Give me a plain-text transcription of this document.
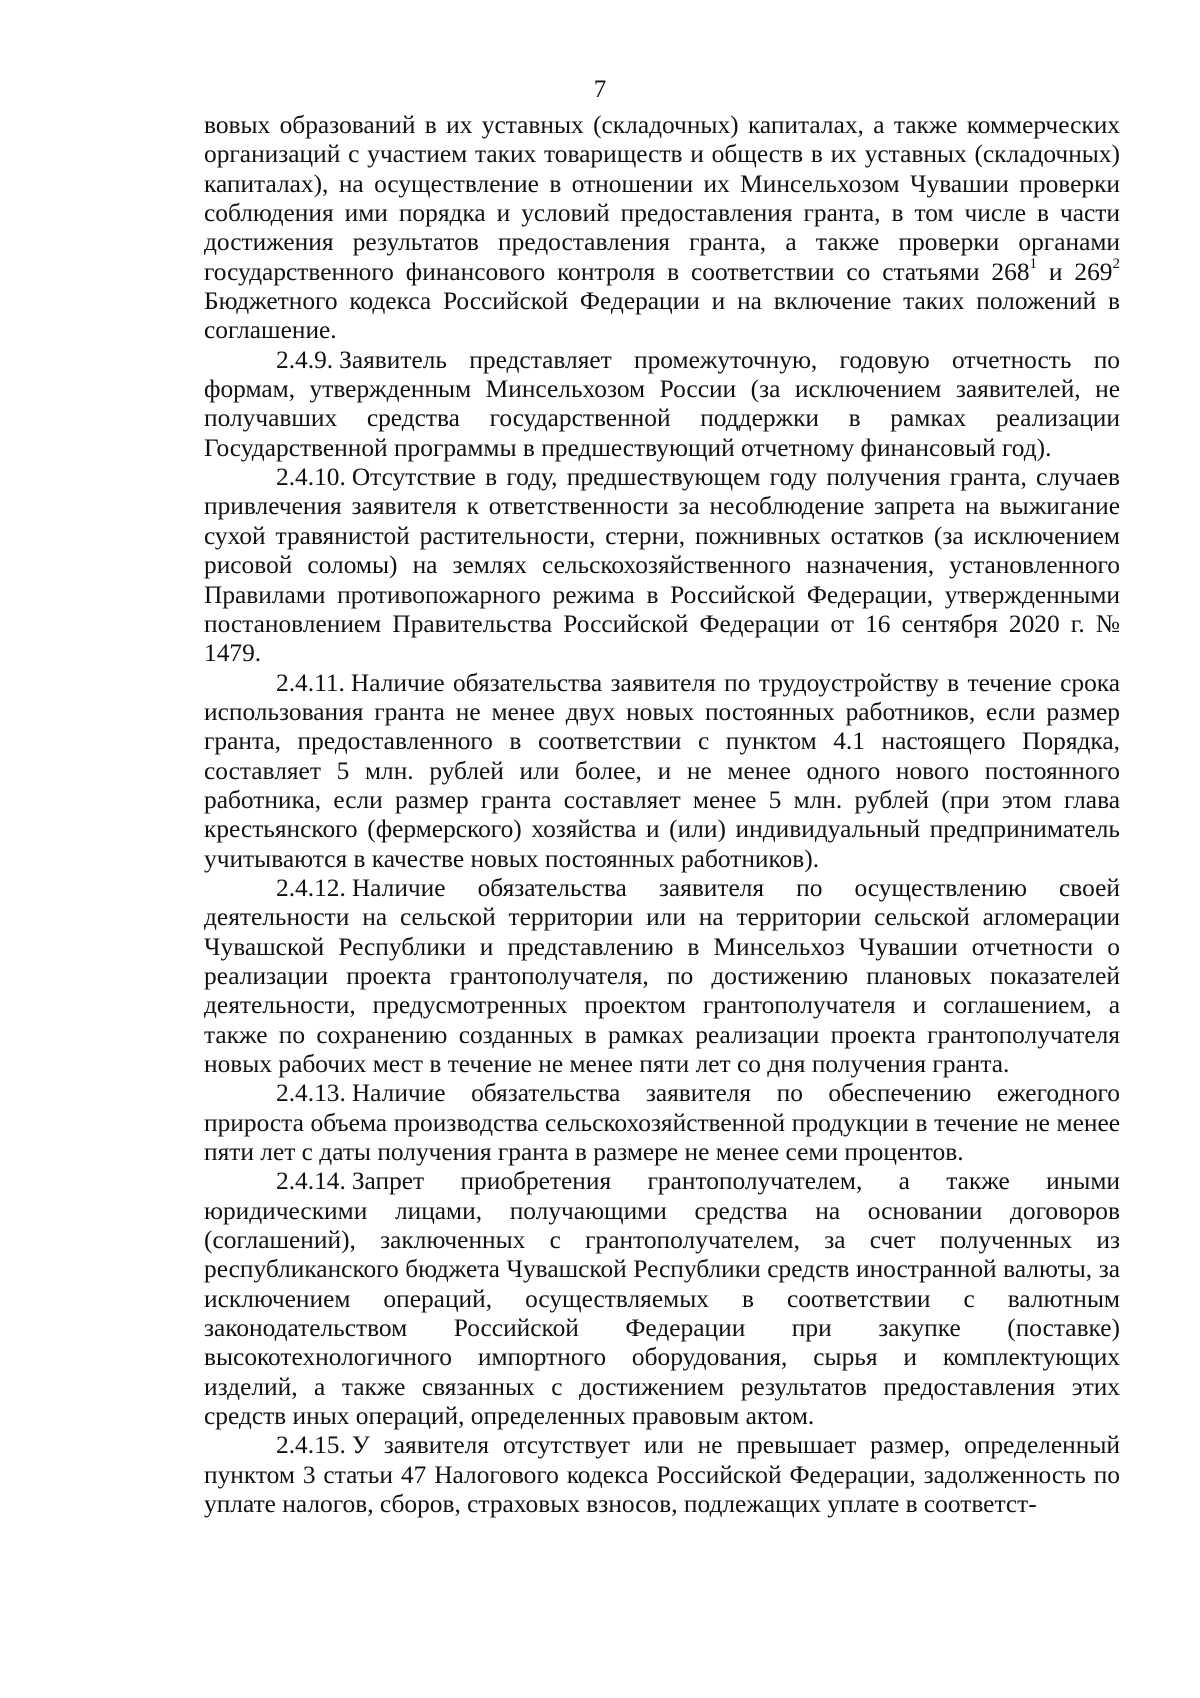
7

вовых образований в их уставных (складочных) капиталах, а также коммерческих организаций с участием таких товариществ и обществ в их уставных (складочных) капиталах), на осуществление в отношении их Минсельхозом Чувашии проверки соблюдения ими порядка и условий предоставления гранта, в том числе в части достижения результатов предоставления гранта, а также проверки органами государственного финансового контроля в соответствии со статьями $268^1$ и $269^2$ Бюджетного кодекса Российской Федерации и на включение таких положений в соглашение.

2.4.9. Заявитель представляет промежуточную, годовую отчетность по формам, утвержденным Минсельхозом России (за исключением заявителей, не получавших средства государственной поддержки в рамках реализации Государственной программы в предшествующий отчетному финансовый год).

2.4.10. Отсутствие в году, предшествующем году получения гранта, случаев привлечения заявителя к ответственности за несоблюдение запрета на выжигание сухой травянистой растительности, стерни, пожнивных остатков (за исключением рисовой соломы) на землях сельскохозяйственного назначения, установленного Правилами противопожарного режима в Российской Федерации, утвержденными постановлением Правительства Российской Федерации от 16 сентября 2020 г. № 1479.

2.4.11. Наличие обязательства заявителя по трудоустройству в течение срока использования гранта не менее двух новых постоянных работников, если размер гранта, предоставленного в соответствии с пунктом 4.1 настоящего Порядка, составляет 5 млн. рублей или более, и не менее одного нового постоянного работника, если размер гранта составляет менее 5 млн. рублей (при этом глава крестьянского (фермерского) хозяйства и (или) индивидуальный предприниматель учитываются в качестве новых постоянных работников).

2.4.12. Наличие обязательства заявителя по осуществлению своей деятельности на сельской территории или на территории сельской агломерации Чувашской Республики и представлению в Минсельхоз Чувашии отчетности о реализации проекта грантополучателя, по достижению плановых показателей деятельности, предусмотренных проектом грантополучателя и соглашением, а также по сохранению созданных в рамках реализации проекта грантополучателя новых рабочих мест в течение не менее пяти лет со дня получения гранта.

2.4.13. Наличие обязательства заявителя по обеспечению ежегодного прироста объема производства сельскохозяйственной продукции в течение не менее пяти лет с даты получения гранта в размере не менее семи процентов.

2.4.14. Запрет приобретения грантополучателем, а также иными юридическими лицами, получающими средства на основании договоров (соглашений), заключенных с грантополучателем, за счет полученных из республиканского бюджета Чувашской Республики средств иностранной валюты, за исключением операций, осуществляемых в соответствии с валютным законодательством Российской Федерации при закупке (поставке) высокотехнологичного импортного оборудования, сырья и комплектующих изделий, а также связанных с достижением результатов предоставления этих средств иных операций, определенных правовым актом.

2.4.15. У заявителя отсутствует или не превышает размер, определенный пунктом 3 статьи 47 Налогового кодекса Российской Федерации, задолженность по уплате налогов, сборов, страховых взносов, подлежащих уплате в соответст-
